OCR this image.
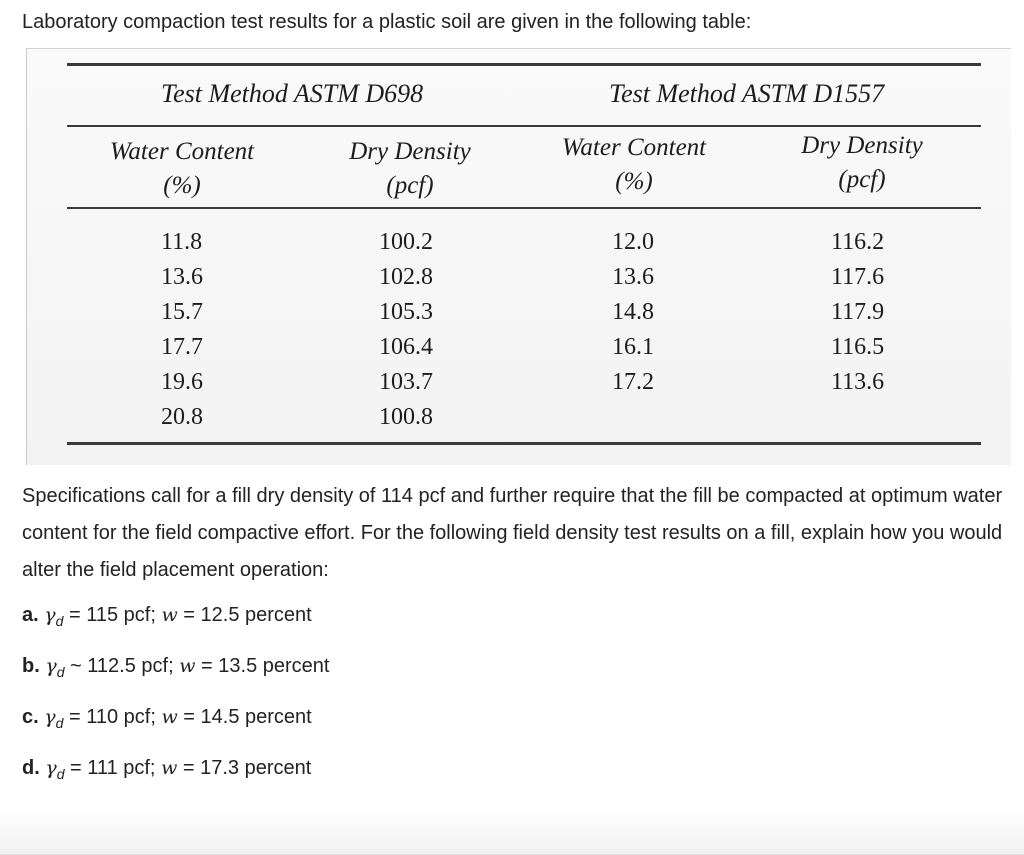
Laboratory compaction test results for a plastic soil are given in the following table:
Test Method ASTM D698	Test Method ASTM D1557
Water Content
(%)
Dry Density
(pcf)
Water Content
(%)
Dry Density
(pcf)
11.8
13.6
15.7
17.7
19.6
20.8
100.2
102.8
105.3
106.4
103.7
100.8
12.0
13.6
14.8
16.1
17.2
116.2
117.6
117.9
116.5
113.6
Specifications call for a fill dry density of 114 pcf and further require that the fill be compacted at optimum water content for the field compactive effort. For the following field density test results on a fill, explain how you would alter the field placement operation:
a. $\gamma_d = 115$ pcf; w = 12.5 percent
b. $\gamma_d$ ~ 112.5 pcf; w = 13.5 percent
c. $\gamma_d = 110$ pcf; w = 14.5 percent
d. $\gamma_d = 111$ pcf; w = 17.3 percent
